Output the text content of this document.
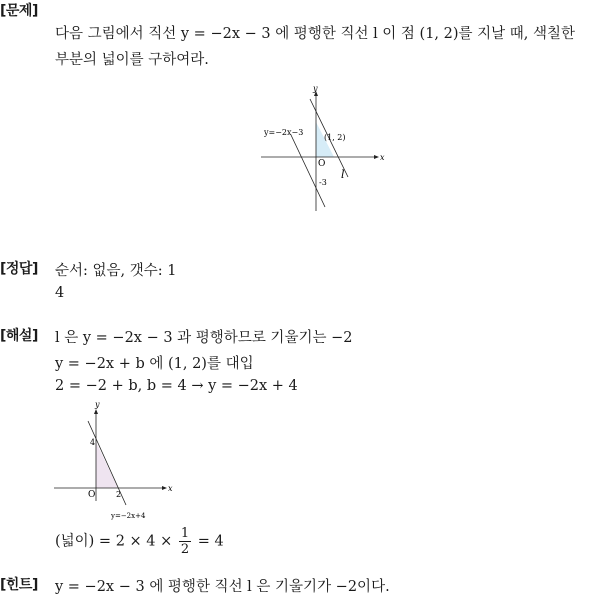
[문제]
다음 그림에서 직선 y = −2x − 3 에 평행한 직선 l 이 점 (1, 2)를 지날 때, 색칠한
부분의 넓이를 구하여라.
y
x
O
y=−2x−3
(1, 2)
-3
l
[정답] 순서: 없음, 갯수: 1
4
[해설] l 은 y = −2x − 3 과 평행하므로 기울기는 −2
y = −2x + b 에 (1, 2)를 대입
2 = −2 + b, b = 4 → y = −2x + 4
y
x
O
4
2
y=−2x+4
(넓이) = $2 \times 4 \times \frac{1}{2} = 4$
[힌트] y = −2x − 3 에 평행한 직선 l 은 기울기가 −2이다.
